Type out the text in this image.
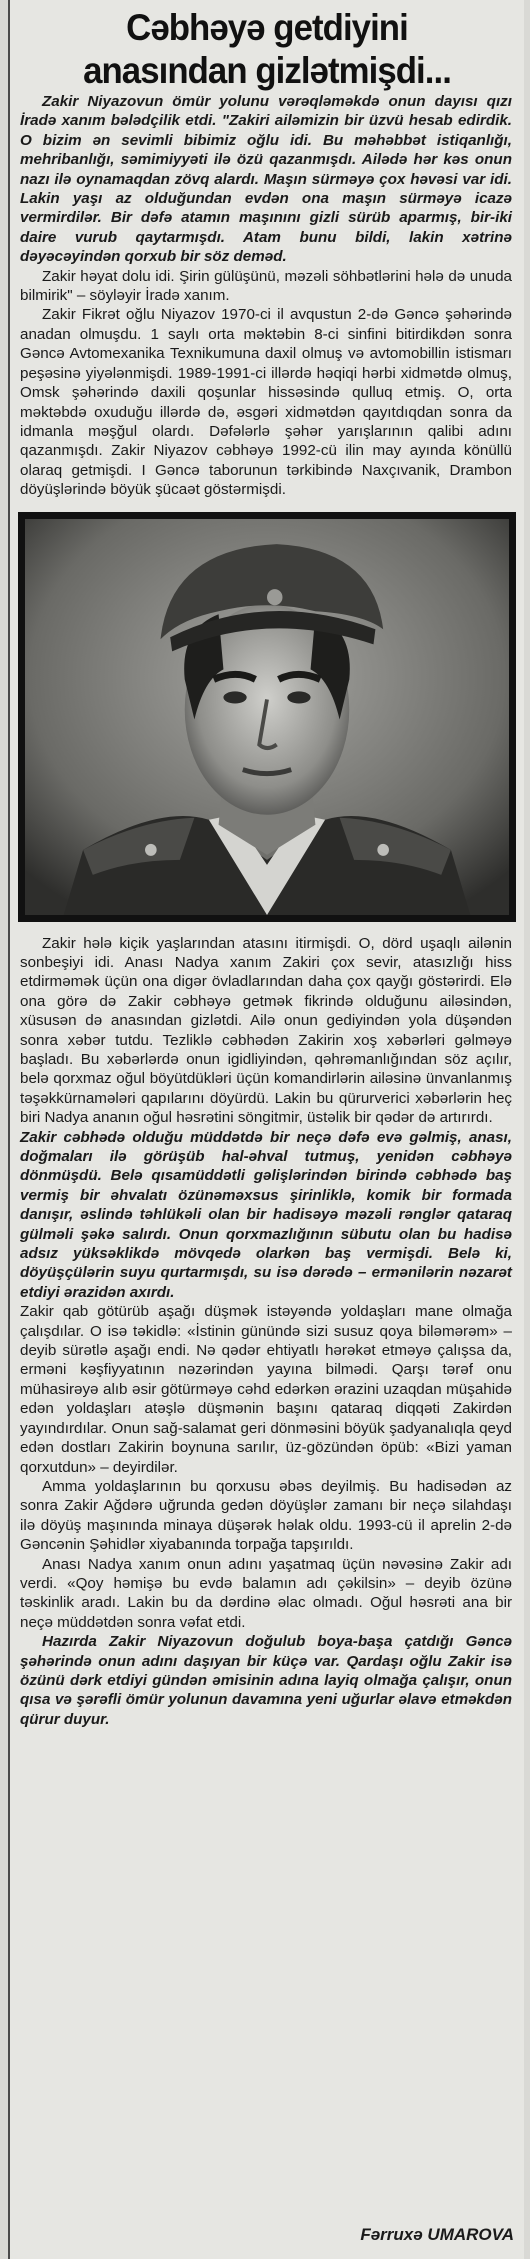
Cəbhəyə getdiyini
anasından gizlətmişdi...

Zakir Niyazovun ömür yolunu vərəqləməkdə onun dayısı qızı İradə xanım bələdçilik etdi. "Zakiri ailəmizin bir üzvü hesab edirdik. O bizim ən sevimli bibimiz oğlu idi. Bu məhəbbət istiqanlığı, mehribanlığı, səmimiyyəti ilə özü qazanmışdı. Ailədə hər kəs onun nazı ilə oynamaqdan zövq alardı. Maşın sürməyə çox həvəsi var idi. Lakin yaşı az olduğundan evdən ona maşın sürməyə icazə vermirdilər. Bir dəfə atamın maşınını gizli sürüb aparmış, bir-iki daire vurub qaytarmışdı. Atam bunu bildi, lakin xətrinə dəyəcəyindən qorxub bir söz deməd.

Zakir həyat dolu idi. Şirin gülüşünü, məzəli söhbətlərini hələ də unuda bilmirik" – söyləyir İradə xanım.

Zakir Fikrət oğlu Niyazov 1970-ci il avqustun 2-də Gəncə şəhərində anadan olmuşdu. 1 saylı orta məktəbin 8-ci sinfini bitirdikdən sonra Gəncə Avtomexanika Texnikumuna daxil olmuş və avtomobillin istismarı peşəsinə yiyələnmişdi. 1989-1991-ci illərdə həqiqi hərbi xidmətdə olmuş, Omsk şəhərində daxili qoşunlar hissəsində qulluq etmiş. O, orta məktəbdə oxuduğu illərdə də, əsgəri xidmətdən qayıtdıqdan sonra da idmanla məşğul olardı. Dəfələrlə şəhər yarışlarının qalibi adını qazanmışdı. Zakir Niyazov cəbhəyə 1992-cü ilin may ayında könüllü olaraq getmişdi. I Gəncə taborunun tərkibində Naxçıvanik, Drambon döyüşlərində böyük şücaət göstərmişdi.

Zakir hələ kiçik yaşlarından atasını itirmişdi. O, dörd uşaqlı ailənin sonbeşiyi idi. Anası Nadya xanım Zakiri çox sevir, atasızlığı hiss etdirməmək üçün ona digər övladlarından daha çox qayğı göstərirdi. Elə ona görə də Zakir cəbhəyə getmək fikrində olduğunu ailəsindən, xüsusən də anasından gizlətdi. Ailə onun gediyindən yola düşəndən sonra xəbər tutdu. Tezliklə cəbhədən Zakirin xoş xəbərləri gəlməyə başladı. Bu xəbərlərdə onun igidliyindən, qəhrəmanlığından söz açılır, belə qorxmaz oğul böyütdükləri üçün komandirlərin ailəsinə ünvanlanmış təşəkkürnamələri qapılarını döyürdü. Lakin bu qürurverici xəbərlərin heç biri Nadya ananın oğul həsrətini söngitmir, üstəlik bir qədər də artırırdı.

Zakir cəbhədə olduğu müddətdə bir neçə dəfə evə gəlmiş, anası, doğmaları ilə görüşüb hal-əhval tutmuş, yenidən cəbhəyə dönmüşdü. Belə qısamüddətli gəlişlərindən birində cəbhədə baş vermiş bir əhvalatı özünəməxsus şirinliklə, komik bir formada danışır, əslində təhlükəli olan bir hadisəyə məzəli rənglər qataraq gülməli şəkə salırdı. Onun qorxmazlığının sübutu olan bu hadisə adsız yüksəklikdə mövqedə olarkən baş vermişdi. Belə ki, döyüşçülərin suyu qurtarmışdı, su isə dərədə – ermənilərin nəzarət etdiyi ərazidən axırdı.

Zakir qab götürüb aşağı düşmək istəyəndə yoldaşları mane olmağa çalışdılar. O isə təkidlə: «İstinin günündə sizi susuz qoya biləmərəm» – deyib sürətlə aşağı endi. Nə qədər ehtiyatlı hərəkət etməyə çalışsa da, erməni kəşfiyyatının nəzərindən yayına bilmədi. Qarşı tərəf onu mühasirəyə alıb əsir götürməyə cəhd edərkən ərazini uzaqdan müşahidə edən yoldaşları atəşlə düşmənin başını qataraq diqqəti Zakirdən yayındırdılar. Onun sağ-salamat geri dönməsini böyük şadyanalıqla qeyd edən dostları Zakirin boynuna sarılır, üz-gözündən öpüb: «Bizi yaman qorxutdun» – deyirdilər.

Amma yoldaşlarının bu qorxusu əbəs deyilmiş. Bu hadisədən az sonra Zakir Ağdərə uğrunda gedən döyüşlər zamanı bir neçə silahdaşı ilə döyüş maşınında minaya düşərək həlak oldu. 1993-cü il aprelin 2-də Gəncənin Şəhidlər xiyabanında torpağa tapşırıldı.

Anası Nadya xanım onun adını yaşatmaq üçün nəvəsinə Zakir adı verdi. «Qoy həmişə bu evdə balamın adı çəkilsin» – deyib özünə təskinlik aradı. Lakin bu da dərdinə əlac olmadı. Oğul həsrəti ana bir neçə müddətdən sonra vəfat etdi.

Hazırda Zakir Niyazovun doğulub boya-başa çatdığı Gəncə şəhərində onun adını daşıyan bir küçə var. Qardaşı oğlu Zakir isə özünü dərk etdiyi gündən əmisinin adına layiq olmağa çalışır, onun qısa və şərəfli ömür yolunun davamına yeni uğurlar əlavə etməkdən qürur duyur.

Fərruxə UMAROVA
